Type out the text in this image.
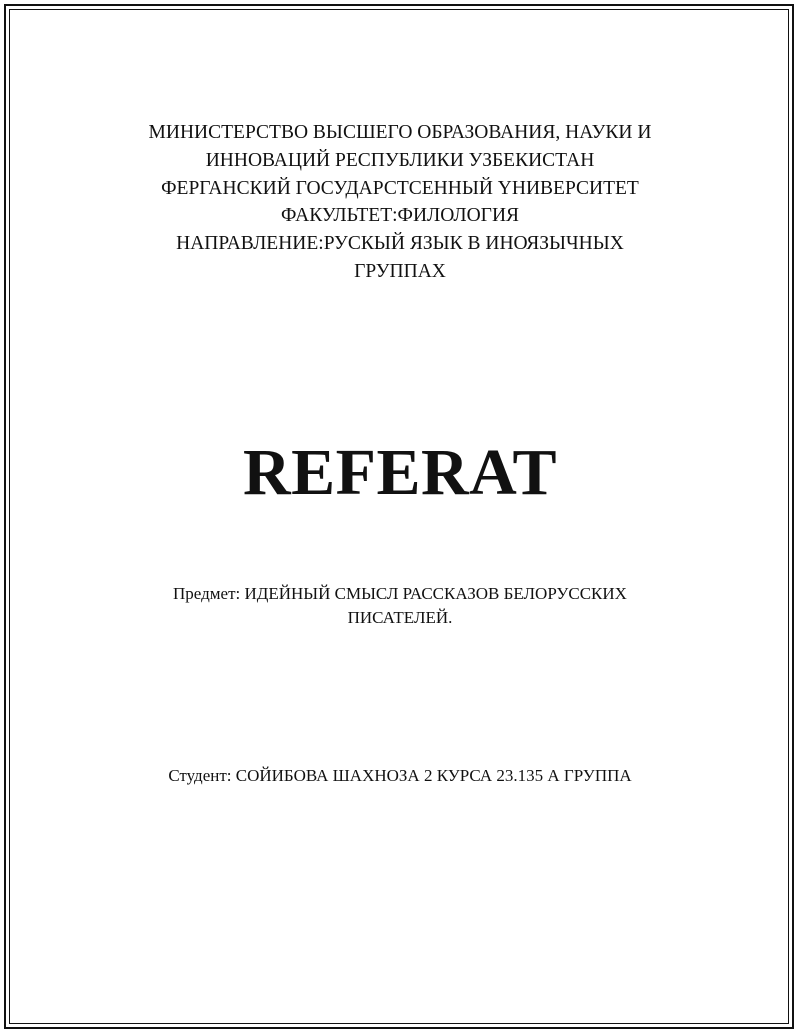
МИНИСТЕРСТВО ВЫСШЕГО ОБРАЗОВАНИЯ, НАУКИ И
ИННОВАЦИЙ РЕСПУБЛИКИ УЗБЕКИСТАН
ФЕРГАНСКИЙ ГОСУДАРСТСЕННЫЙ YНИВЕРСИТЕТ
ФАКУЛЬТЕТ:ФИЛОЛОГИЯ
НАПРАВЛЕНИЕ:РУСКЫЙ ЯЗЫК В ИНОЯЗЫЧНЫХ
ГРУППАХ
REFERAT
Предмет: ИДЕЙНЫЙ СМЫСЛ РАССКАЗОВ БЕЛОРУССКИХ
ПИСАТЕЛЕЙ.
Студент: СОЙИБОВА ШАХНОЗА 2 КУРСА 23.135 А ГРУППА
